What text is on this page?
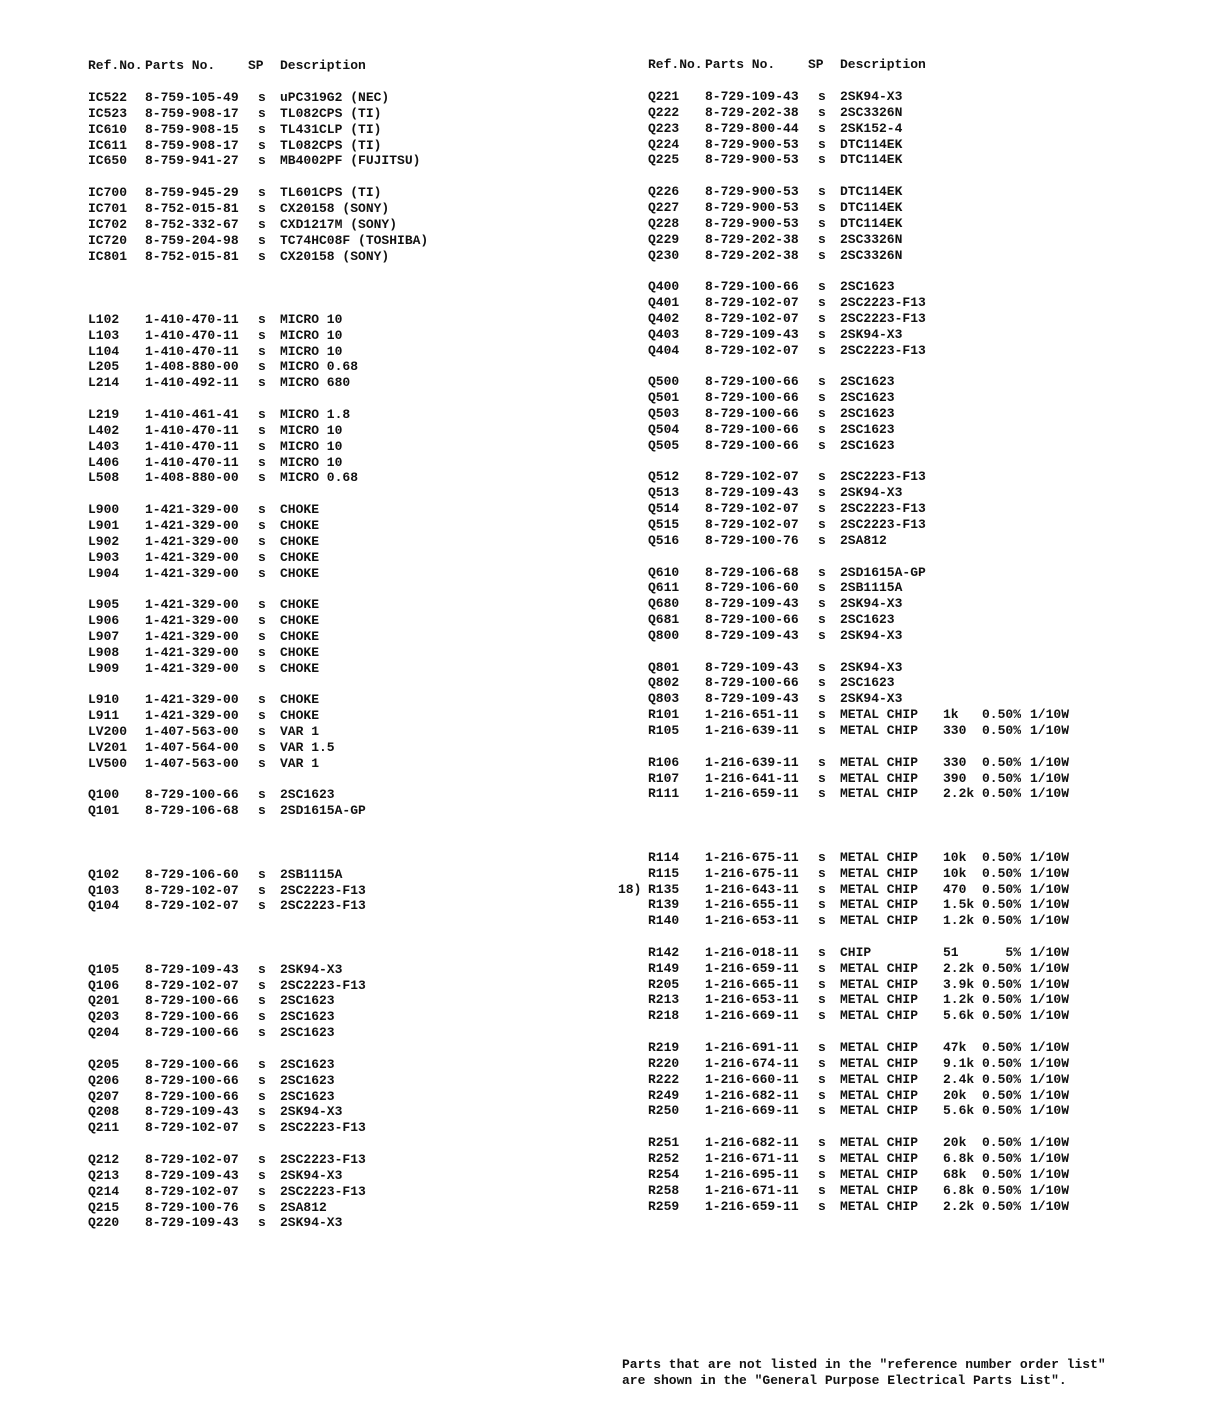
Ref.No. Parts No.	SP Description
IC522 8-759-105-49 s uPC319G2 (NEC)
IC523 8-759-908-17 s TL082CPS (TI)
IC610 8-759-908-15 s TL431CLP (TI)
IC611 8-759-908-17 s TL082CPS (TI)
IC650 8-759-941-27 s MB4002PF (FUJITSU)
IC700 8-759-945-29 s TL601CPS (TI)
IC701 8-752-015-81 s CX20158 (SONY)
IC702 8-752-332-67 s CXD1217M (SONY)
IC720 8-759-204-98 s TC74HC08F (TOSHIBA)
IC801 8-752-015-81 s CX20158 (SONY)
L102 1-410-470-11 s MICRO 10
L103 1-410-470-11 s MICRO 10
L104 1-410-470-11 s MICRO 10
L205 1-408-880-00 s MICRO 0.68
L214 1-410-492-11 s MICRO 680
L219 1-410-461-41 s MICRO 1.8
L402 1-410-470-11 s MICRO 10
L403 1-410-470-11 s MICRO 10
L406 1-410-470-11 s MICRO 10
L508 1-408-880-00 s MICRO 0.68
L900 1-421-329-00 s CHOKE
L901 1-421-329-00 s CHOKE
L902 1-421-329-00 s CHOKE
L903 1-421-329-00 s CHOKE
L904 1-421-329-00 s CHOKE
L905 1-421-329-00 s CHOKE
L906 1-421-329-00 s CHOKE
L907 1-421-329-00 s CHOKE
L908 1-421-329-00 s CHOKE
L909 1-421-329-00 s CHOKE
L910 1-421-329-00 s CHOKE
L911 1-421-329-00 s CHOKE
LV200 1-407-563-00 s VAR 1
LV201 1-407-564-00 s VAR 1.5
LV500 1-407-563-00 s VAR 1
Q100 8-729-100-66 s 2SC1623
Q101 8-729-106-68 s 2SD1615A-GP
Q102 8-729-106-60 s 2SB1115A
Q103 8-729-102-07 s 2SC2223-F13
Q104 8-729-102-07 s 2SC2223-F13
Q105 8-729-109-43 s 2SK94-X3
Q106 8-729-102-07 s 2SC2223-F13
Q201 8-729-100-66 s 2SC1623
Q203 8-729-100-66 s 2SC1623
Q204 8-729-100-66 s 2SC1623
Q205 8-729-100-66 s 2SC1623
Q206 8-729-100-66 s 2SC1623
Q207 8-729-100-66 s 2SC1623
Q208 8-729-109-43 s 2SK94-X3
Q211 8-729-102-07 s 2SC2223-F13
Q212 8-729-102-07 s 2SC2223-F13
Q213 8-729-109-43 s 2SK94-X3
Q214 8-729-102-07 s 2SC2223-F13
Q215 8-729-100-76 s 2SA812
Q220 8-729-109-43 s 2SK94-X3
Ref.No. Parts No.	SP Description
Q221 8-729-109-43 s 2SK94-X3
Q222 8-729-202-38 s 2SC3326N
Q223 8-729-800-44 s 2SK152-4
Q224 8-729-900-53 s DTC114EK
Q225 8-729-900-53 s DTC114EK
Q226 8-729-900-53 s DTC114EK
Q227 8-729-900-53 s DTC114EK
Q228 8-729-900-53 s DTC114EK
Q229 8-729-202-38 s 2SC3326N
Q230 8-729-202-38 s 2SC3326N
Q400 8-729-100-66 s 2SC1623
Q401 8-729-102-07 s 2SC2223-F13
Q402 8-729-102-07 s 2SC2223-F13
Q403 8-729-109-43 s 2SK94-X3
Q404 8-729-102-07 s 2SC2223-F13
Q500 8-729-100-66 s 2SC1623
Q501 8-729-100-66 s 2SC1623
Q503 8-729-100-66 s 2SC1623
Q504 8-729-100-66 s 2SC1623
Q505 8-729-100-66 s 2SC1623
Q512 8-729-102-07 s 2SC2223-F13
Q513 8-729-109-43 s 2SK94-X3
Q514 8-729-102-07 s 2SC2223-F13
Q515 8-729-102-07 s 2SC2223-F13
Q516 8-729-100-76 s 2SA812
Q610 8-729-106-68 s 2SD1615A-GP
Q611 8-729-106-60 s 2SB1115A
Q680 8-729-109-43 s 2SK94-X3
Q681 8-729-100-66 s 2SC1623
Q800 8-729-109-43 s 2SK94-X3
Q801 8-729-109-43 s 2SK94-X3
Q802 8-729-100-66 s 2SC1623
Q803 8-729-109-43 s 2SK94-X3
R101 1-216-651-11 s METAL CHIP 1k	0.50% 1/10W
R105 1-216-639-11 s METAL CHIP 330	0.50% 1/10W
R106 1-216-639-11 s METAL CHIP 330	0.50% 1/10W
R107 1-216-641-11 s METAL CHIP 390	0.50% 1/10W
R111 1-216-659-11 s METAL CHIP 2.2k 0.50% 1/10W
R114 1-216-675-11 s METAL CHIP 10k	0.50% 1/10W
R115 1-216-675-11 s METAL CHIP 10k	0.50% 1/10W
R135 1-216-643-11 s METAL CHIP 470	0.50% 1/10W
18)
R139 1-216-655-11 s METAL CHIP 1.5k 0.50% 1/10W
R140 1-216-653-11 s METAL CHIP 1.2k 0.50% 1/10W
R142 1-216-018-11 s CHIP	51	5% 1/10W
R149 1-216-659-11 s METAL CHIP 2.2k 0.50% 1/10W
R205 1-216-665-11 s METAL CHIP 3.9k 0.50% 1/10W
R213 1-216-653-11 s METAL CHIP 1.2k 0.50% 1/10W
R218 1-216-669-11 s METAL CHIP 5.6k 0.50% 1/10W
R219 1-216-691-11 s METAL CHIP 47k	0.50% 1/10W
R220 1-216-674-11 s METAL CHIP 9.1k 0.50% 1/10W
R222 1-216-660-11 s METAL CHIP 2.4k 0.50% 1/10W
R249 1-216-682-11 s METAL CHIP 20k	0.50% 1/10W
R250 1-216-669-11 s METAL CHIP 5.6k 0.50% 1/10W
R251 1-216-682-11 s METAL CHIP 20k	0.50% 1/10W
R252 1-216-671-11 s METAL CHIP 6.8k 0.50% 1/10W
R254 1-216-695-11 s METAL CHIP 68k	0.50% 1/10W
R258 1-216-671-11 s METAL CHIP 6.8k 0.50% 1/10W
R259 1-216-659-11 s METAL CHIP 2.2k 0.50% 1/10W
Parts that are not listed in the "reference number order list"
are shown in the "General Purpose Electrical Parts List".
